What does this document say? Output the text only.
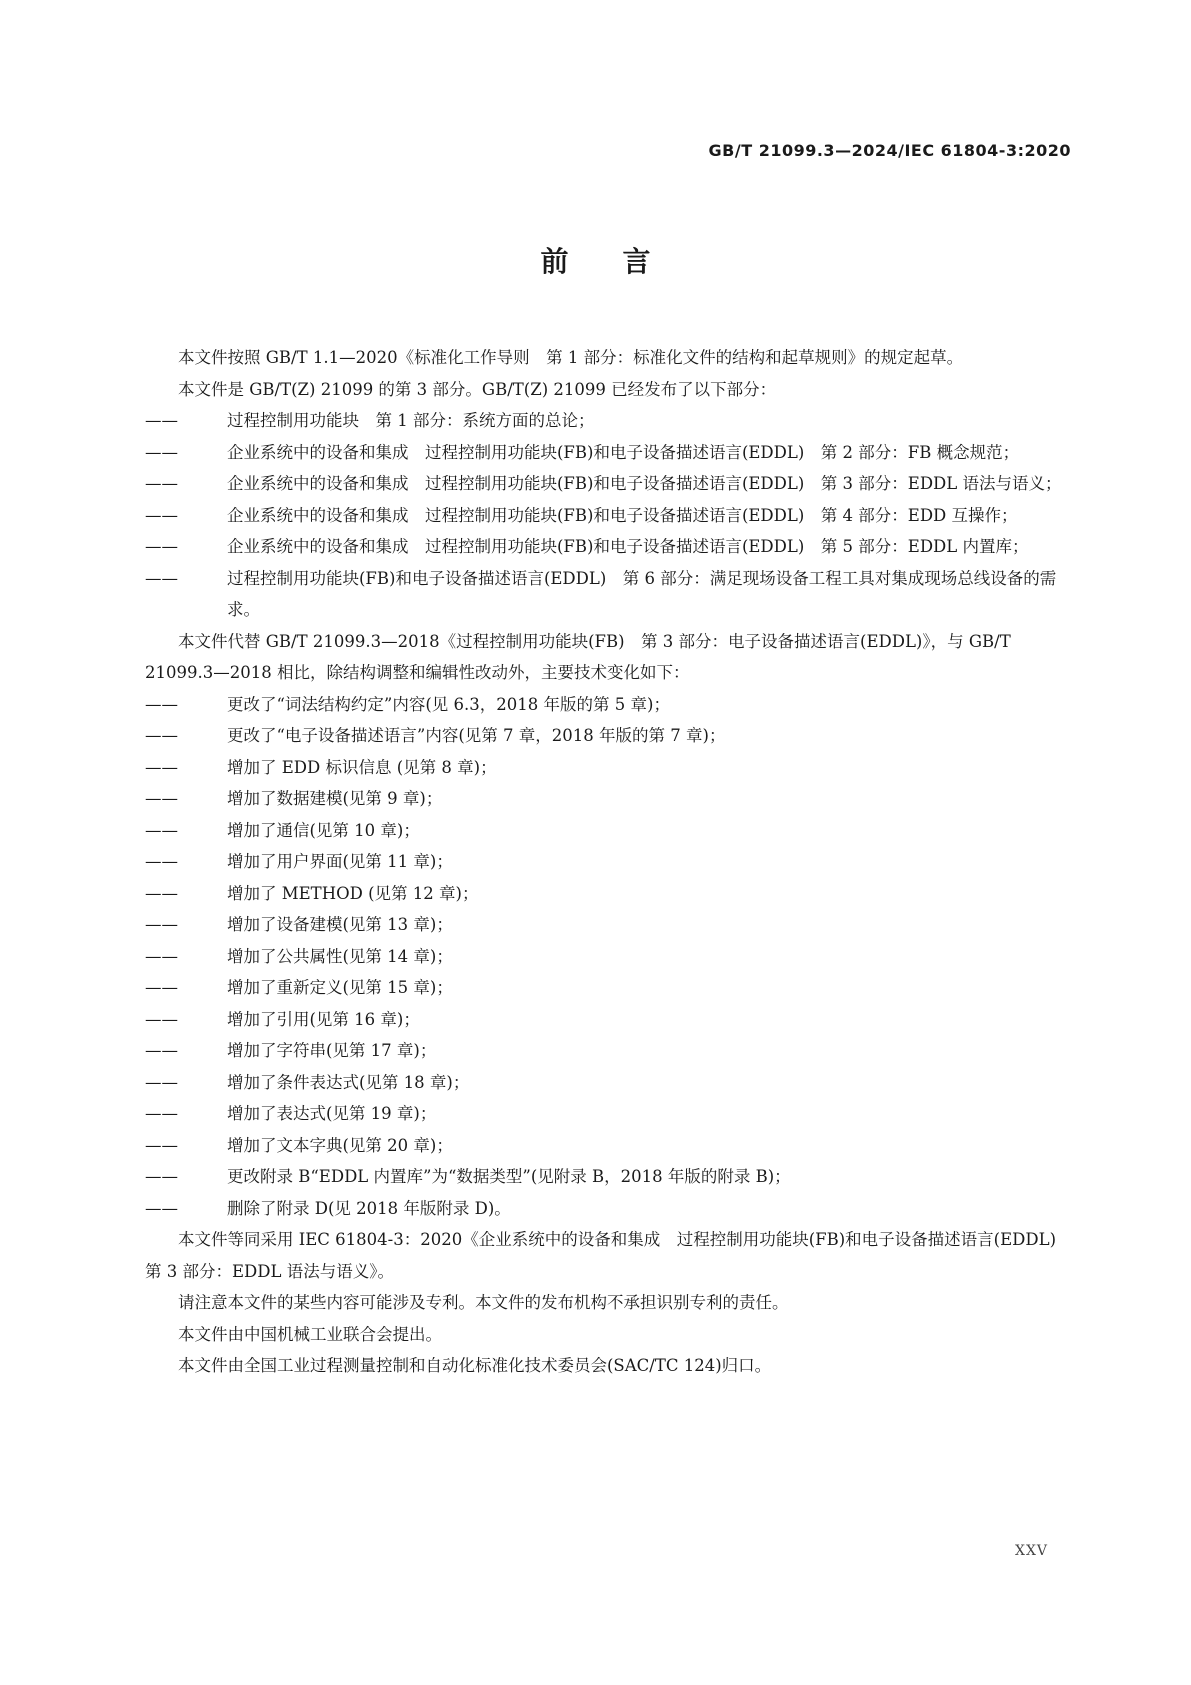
GB/T 21099.3—2024/IEC 61804-3:2020
前言

本文件按照 GB/T 1.1—2020《标准化工作导则　第 1 部分：标准化文件的结构和起草规则》的规定起草。

本文件是 GB/T(Z) 21099 的第 3 部分。GB/T(Z) 21099 已经发布了以下部分：

——	过程控制用功能块　第 1 部分：系统方面的总论；

——	企业系统中的设备和集成　过程控制用功能块(FB)和电子设备描述语言(EDDL)　第 2 部分：FB 概念规范；

——	企业系统中的设备和集成　过程控制用功能块(FB)和电子设备描述语言(EDDL)　第 3 部分：EDDL 语法与语义；

——	企业系统中的设备和集成　过程控制用功能块(FB)和电子设备描述语言(EDDL)　第 4 部分：EDD 互操作；

——	企业系统中的设备和集成　过程控制用功能块(FB)和电子设备描述语言(EDDL)　第 5 部分：EDDL 内置库；

——	过程控制用功能块(FB)和电子设备描述语言(EDDL)　第 6 部分：满足现场设备工程工具对集成现场总线设备的需求。

本文件代替 GB/T 21099.3—2018《过程控制用功能块(FB)　第 3 部分：电子设备描述语言(EDDL)》，与 GB/T 21099.3—2018 相比，除结构调整和编辑性改动外，主要技术变化如下：

——	更改了“词法结构约定”内容(见 6.3，2018 年版的第 5 章)；

——	更改了“电子设备描述语言”内容(见第 7 章，2018 年版的第 7 章)；

——	增加了 EDD 标识信息 (见第 8 章)；

——	增加了数据建模(见第 9 章)；

——	增加了通信(见第 10 章)；

——	增加了用户界面(见第 11 章)；

——	增加了 METHOD (见第 12 章)；

——	增加了设备建模(见第 13 章)；

——	增加了公共属性(见第 14 章)；

——	增加了重新定义(见第 15 章)；

——	增加了引用(见第 16 章)；

——	增加了字符串(见第 17 章)；

——	增加了条件表达式(见第 18 章)；

——	增加了表达式(见第 19 章)；

——	增加了文本字典(见第 20 章)；

——	更改附录 B“EDDL 内置库”为“数据类型”(见附录 B，2018 年版的附录 B)；

——	删除了附录 D(见 2018 年版附录 D)。

本文件等同采用 IEC 61804-3：2020《企业系统中的设备和集成　过程控制用功能块(FB)和电子设备描述语言(EDDL)　第 3 部分：EDDL 语法与语义》。

请注意本文件的某些内容可能涉及专利。本文件的发布机构不承担识别专利的责任。

本文件由中国机械工业联合会提出。

本文件由全国工业过程测量控制和自动化标准化技术委员会(SAC/TC 124)归口。

XXV
